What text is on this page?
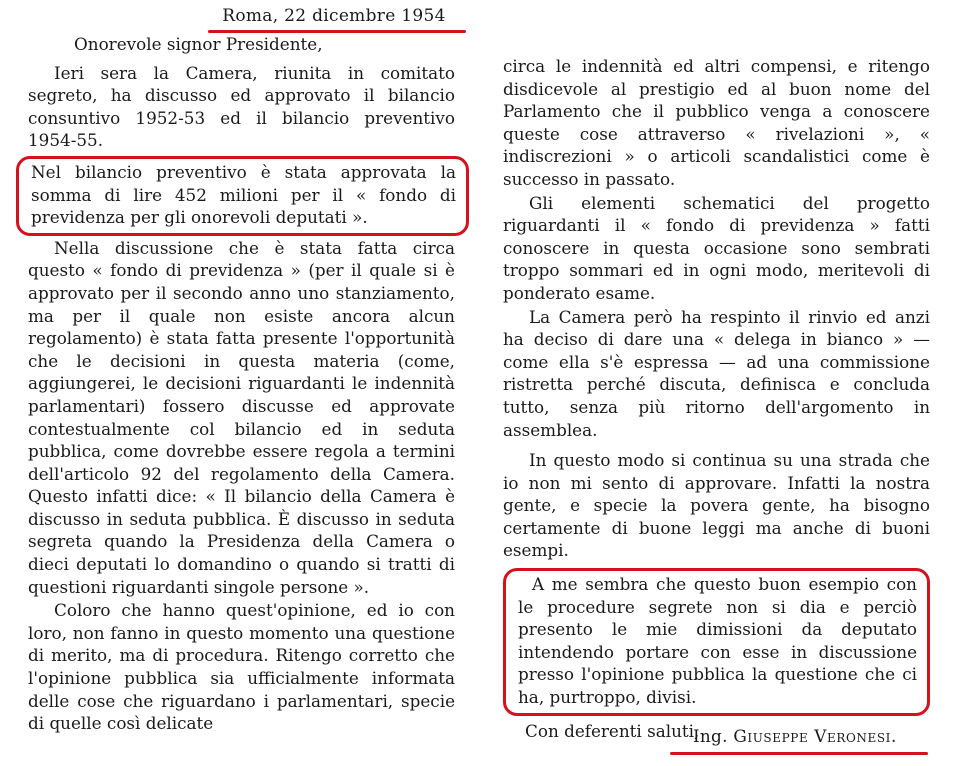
Roma, 22 dicembre 1954

Onorevole signor Presidente,

Ieri sera la Camera, riunita in comitato segreto, ha discusso ed approvato il bilancio consuntivo 1952-53 ed il bilancio preventivo 1954-55.

Nel bilancio preventivo è stata approvata la somma di lire 452 milioni per il « fondo di previdenza per gli onorevoli deputati ».

Nella discussione che è stata fatta circa questo « fondo di previdenza » (per il quale si è approvato per il secondo anno uno stanziamento, ma per il quale non esiste ancora alcun regolamento) è stata fatta presente l'opportunità che le decisioni in questa materia (come, aggiungerei, le decisioni riguardanti le indennità parlamentari) fossero discusse ed approvate contestualmente col bilancio ed in seduta pubblica, come dovrebbe essere regola a termini dell'articolo 92 del regolamento della Camera. Questo infatti dice: « Il bilancio della Camera è discusso in seduta pubblica. È discusso in seduta segreta quando la Presidenza della Camera o dieci deputati lo domandino o quando si tratti di questioni riguardanti singole persone ».

Coloro che hanno quest'opinione, ed io con loro, non fanno in questo momento una questione di merito, ma di procedura. Ritengo corretto che l'opinione pubblica sia ufficialmente informata delle cose che riguardano i parlamentari, specie di quelle così delicate

circa le indennità ed altri compensi, e ritengo disdicevole al prestigio ed al buon nome del Parlamento che il pubblico venga a conoscere queste cose attraverso « rivelazioni », « indiscrezioni » o articoli scandalistici come è successo in passato.

Gli elementi schematici del progetto riguardanti il « fondo di previdenza » fatti conoscere in questa occasione sono sembrati troppo sommari ed in ogni modo, meritevoli di ponderato esame.

La Camera però ha respinto il rinvio ed anzi ha deciso di dare una « delega in bianco » — come ella s'è espressa — ad una commissione ristretta perché discuta, definisca e concluda tutto, senza più ritorno dell'argomento in assemblea.

In questo modo si continua su una strada che io non mi sento di approvare. Infatti la nostra gente, e specie la povera gente, ha bisogno certamente di buone leggi ma anche di buoni esempi.

A me sembra che questo buon esempio con le procedure segrete non si dia e perciò presento le mie dimissioni da deputato intendendo portare con esse in discussione presso l'opinione pubblica la questione che ci ha, purtroppo, divisi.

Con deferenti saluti,

Ing. Giuseppe Veronesi.
